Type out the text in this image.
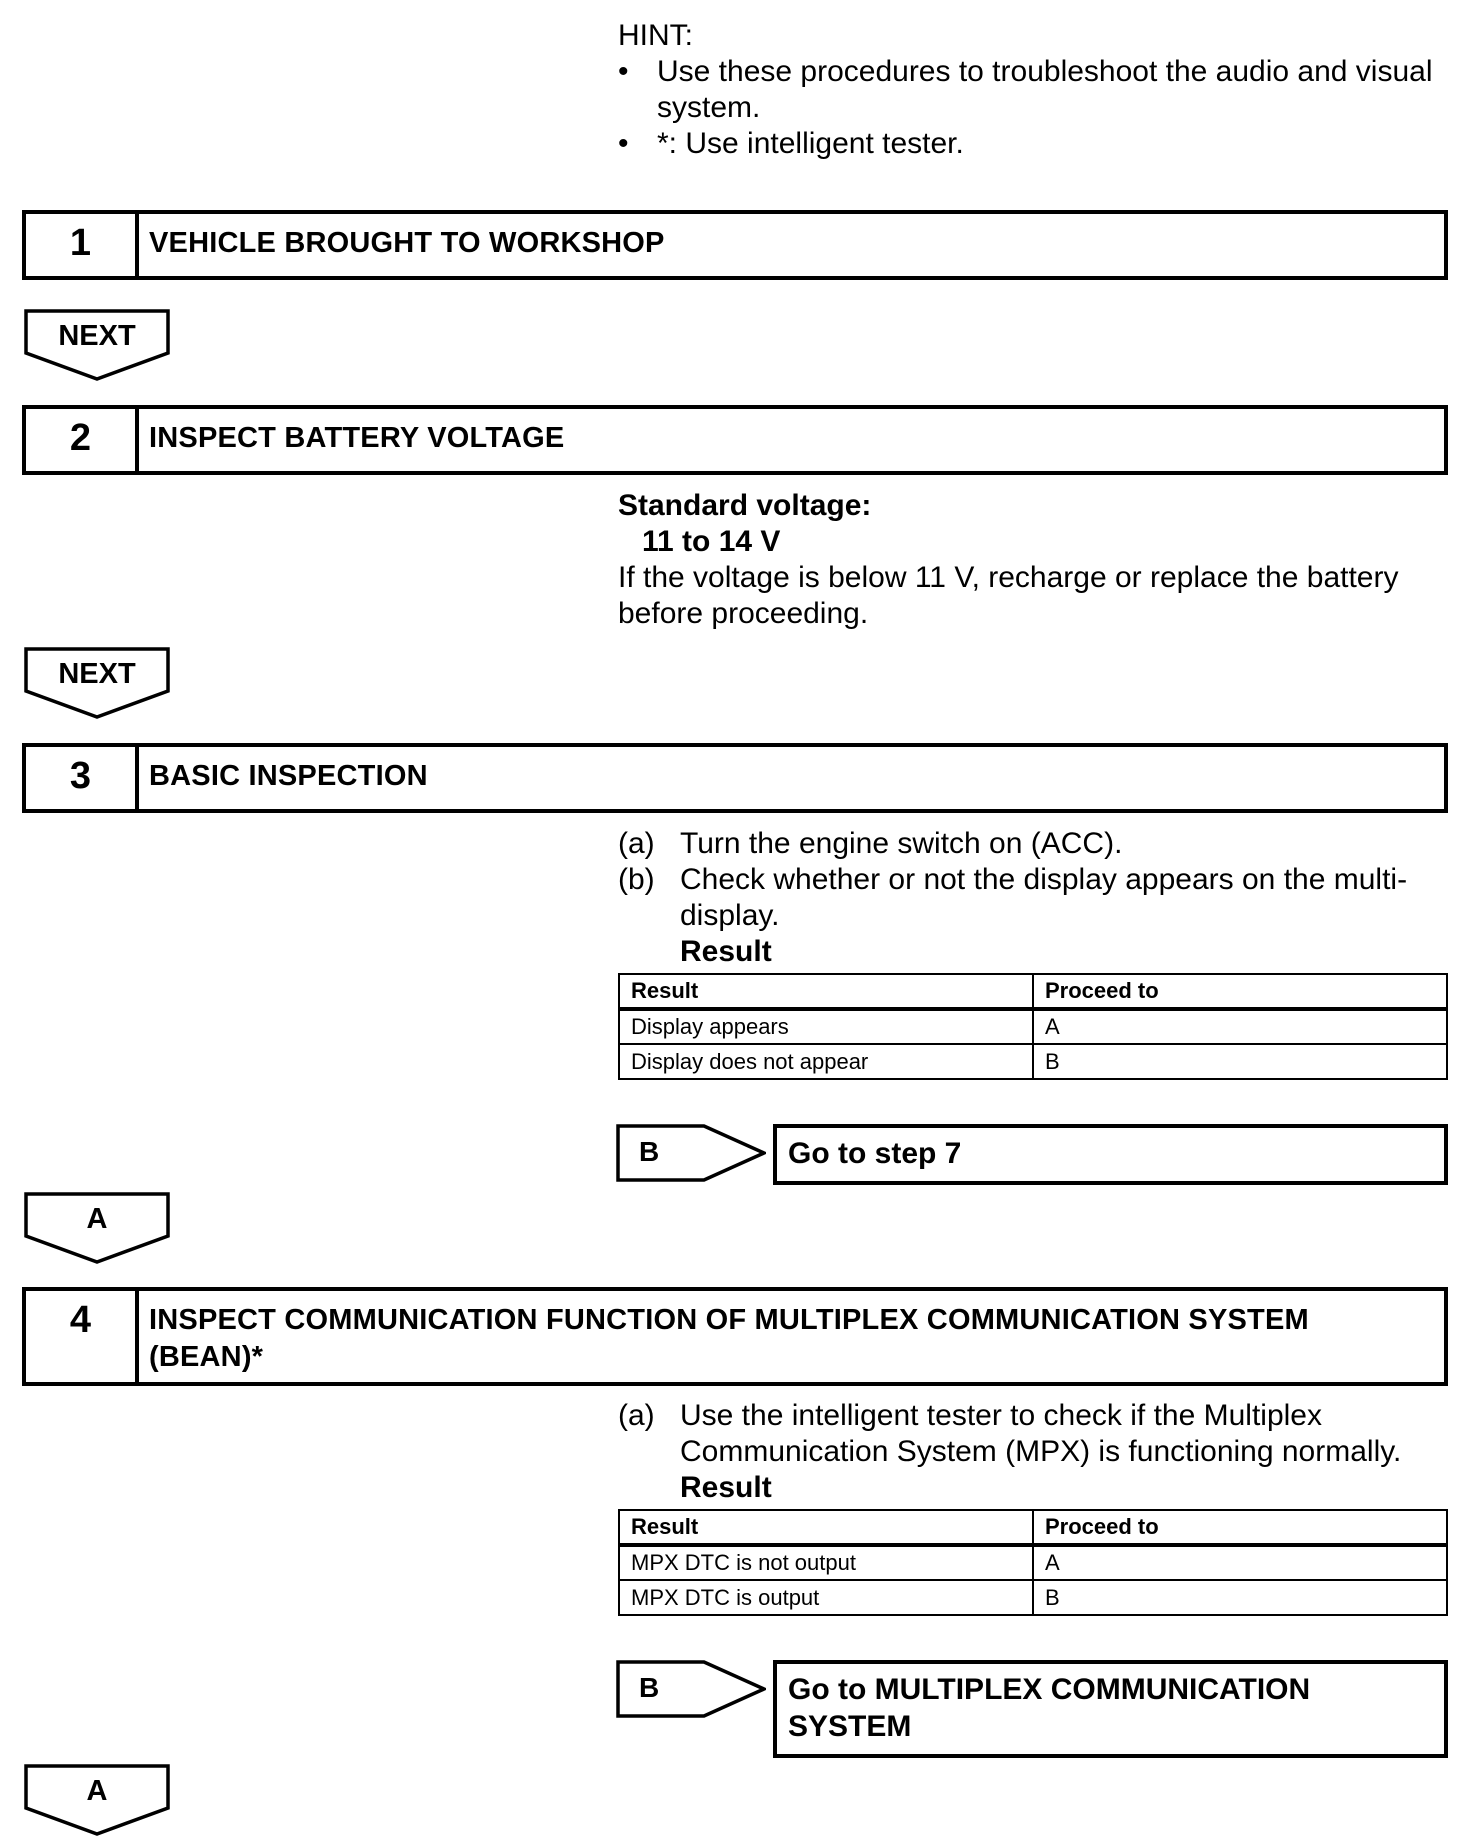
HINT:
• Use these procedures to troubleshoot the audio and visual
system.
• *: Use intelligent tester.
1	VEHICLE BROUGHT TO WORKSHOP
NEXT
2	INSPECT BATTERY VOLTAGE
Standard voltage:
11 to 14 V
If the voltage is below 11 V, recharge or replace the battery
before proceeding.
NEXT
3	BASIC INSPECTION
(a) Turn the engine switch on (ACC).
(b) Check whether or not the display appears on the multi-
display.
Result
Result	Proceed to
Display appears	A
Display does not appear	B
B	Go to step 7
A
4	INSPECT COMMUNICATION FUNCTION OF MULTIPLEX COMMUNICATION SYSTEM
(BEAN)*
(a) Use the intelligent tester to check if the Multiplex
Communication System (MPX) is functioning normally.
Result
Result	Proceed to
MPX DTC is not output	A
MPX DTC is output	B
B	Go to MULTIPLEX COMMUNICATION
SYSTEM
A
